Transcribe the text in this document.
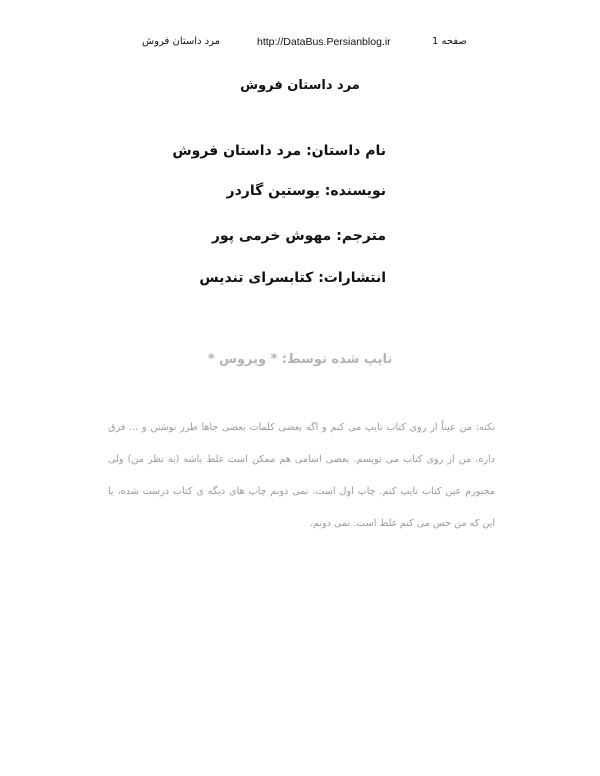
صفحه 1
http://DataBus.Persianblog.ir
مرد داستان فروش
مرد داستان فروش

نام داستان: مرد داستان فروش

نویسنده: یوستین گاردر

مترجم: مهوش خرمی پور

انتشارات: کتابسرای تندیس

تایپ شده توسط: * ویروس *

نکته: من عیناً از روی کتاب تایپ می کنم و اگه بعضی کلمات بعضی جاها طرز نوشتن و ... فرق داره، من از روی کتاب می نویسم. بعضی اسامی هم ممکن است غلط باشه (به نظر من) ولی مجبورم عین کتاب تایپ کنم. چاپ اول است. نمی دونم چاپ های دیگه ی کتاب درست شده، یا این که من حس می کنم غلط است. نمی دونم.
